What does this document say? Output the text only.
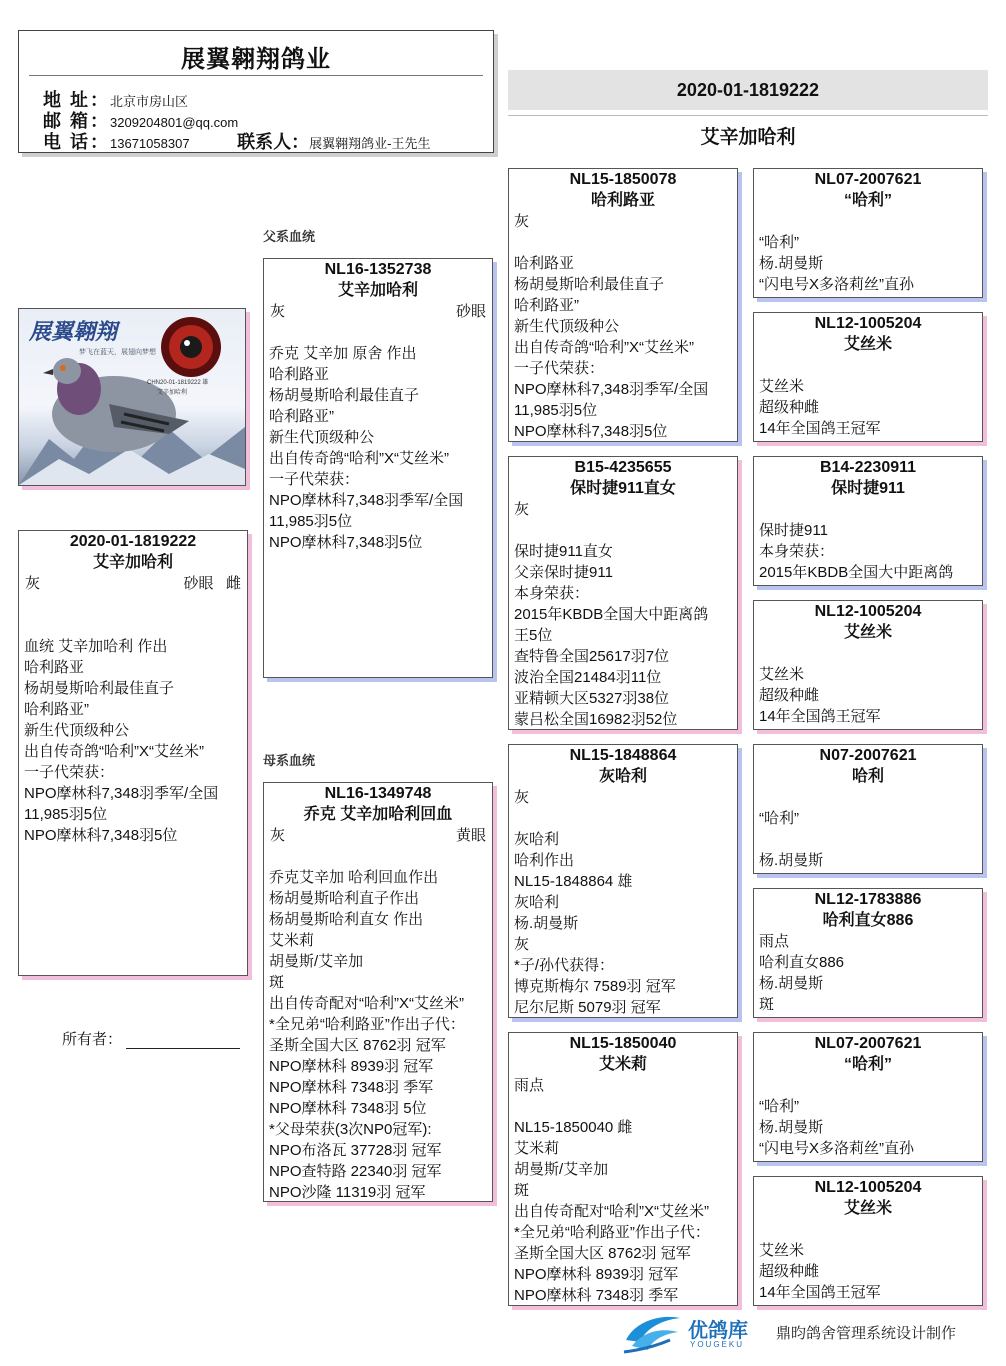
展翼翱翔鸽业
地 址：北京市房山区
邮 箱：3209204801@qq.com
电 话：13671058307	联系人：展翼翱翔鸽业-王先生
2020-01-1819222
艾辛加哈利
父系血统
母系血统
展翼翱翔
梦飞在蓝天，展翅向梦想
CHN20-01-1819222 雄
艾辛加哈利
2020-01-1819222
艾辛加哈利
灰	砂眼 雌
血统 艾辛加哈利 作出
哈利路亚
杨胡曼斯哈利最佳直子
哈利路亚”
新生代顶级种公
出自传奇鸽“哈利”X“艾丝米”
一子代荣获：
NPO摩林科7,348羽季军/全国
11,985羽5位
NPO摩林科7,348羽5位
所有者：
NL16-1352738
艾辛加哈利
灰	砂眼
乔克 艾辛加 原舍 作出
哈利路亚
杨胡曼斯哈利最佳直子
哈利路亚”
新生代顶级种公
出自传奇鸽“哈利”X“艾丝米”
一子代荣获：
NPO摩林科7,348羽季军/全国
11,985羽5位
NPO摩林科7,348羽5位
NL16-1349748
乔克 艾辛加哈利回血
灰	黄眼
乔克艾辛加 哈利回血作出
杨胡曼斯哈利直子作出
杨胡曼斯哈利直女 作出
艾米莉
胡曼斯/艾辛加
斑
出自传奇配对“哈利”X“艾丝米”
*全兄弟“哈利路亚”作出子代：
圣斯全国大区 8762羽 冠军
NPO摩林科 8939羽 冠军
NPO摩林科 7348羽 季军
NPO摩林科 7348羽 5位
*父母荣获(3次NP0冠军):
NPO布洛瓦 37728羽 冠军
NPO查特路 22340羽 冠军
NPO沙隆 11319羽 冠军
NL15-1850078
哈利路亚
灰
哈利路亚
杨胡曼斯哈利最佳直子
哈利路亚”
新生代顶级种公
出自传奇鸽“哈利”X“艾丝米”
一子代荣获：
NPO摩林科7,348羽季军/全国
11,985羽5位
NPO摩林科7,348羽5位
B15-4235655
保时捷911直女
灰
保时捷911直女
父亲保时捷911
本身荣获：
2015年KBDB全国大中距离鸽
王5位
查特鲁全国25617羽7位
波治全国21484羽11位
亚精顿大区5327羽38位
蒙吕松全国16982羽52位
NL15-1848864
灰哈利
灰
灰哈利
哈利作出
NL15-1848864 雄
灰哈利
杨.胡曼斯
灰
*子/孙代获得：
博克斯梅尔 7589羽 冠军
尼尔尼斯 5079羽 冠军
NL15-1850040
艾米莉
雨点
NL15-1850040 雌
艾米莉
胡曼斯/艾辛加
斑
出自传奇配对“哈利”X“艾丝米”
*全兄弟“哈利路亚”作出子代：
圣斯全国大区 8762羽 冠军
NPO摩林科 8939羽 冠军
NPO摩林科 7348羽 季军
NL07-2007621
“哈利”
“哈利”
杨.胡曼斯
“闪电号X多洛莉丝”直孙
NL12-1005204
艾丝米
艾丝米
超级种雌
14年全国鸽王冠军
B14-2230911
保时捷911
保时捷911
本身荣获：
2015年KBDB全国大中距离鸽
NL12-1005204
艾丝米
艾丝米
超级种雌
14年全国鸽王冠军
N07-2007621
哈利
“哈利”
杨.胡曼斯
NL12-1783886
哈利直女886
雨点
哈利直女886
杨.胡曼斯
斑
NL07-2007621
“哈利”
“哈利”
杨.胡曼斯
“闪电号X多洛莉丝”直孙
NL12-1005204
艾丝米
艾丝米
超级种雌
14年全国鸽王冠军
优鸽库
YOUGEKU
鼎昀鸽舍管理系统设计制作
